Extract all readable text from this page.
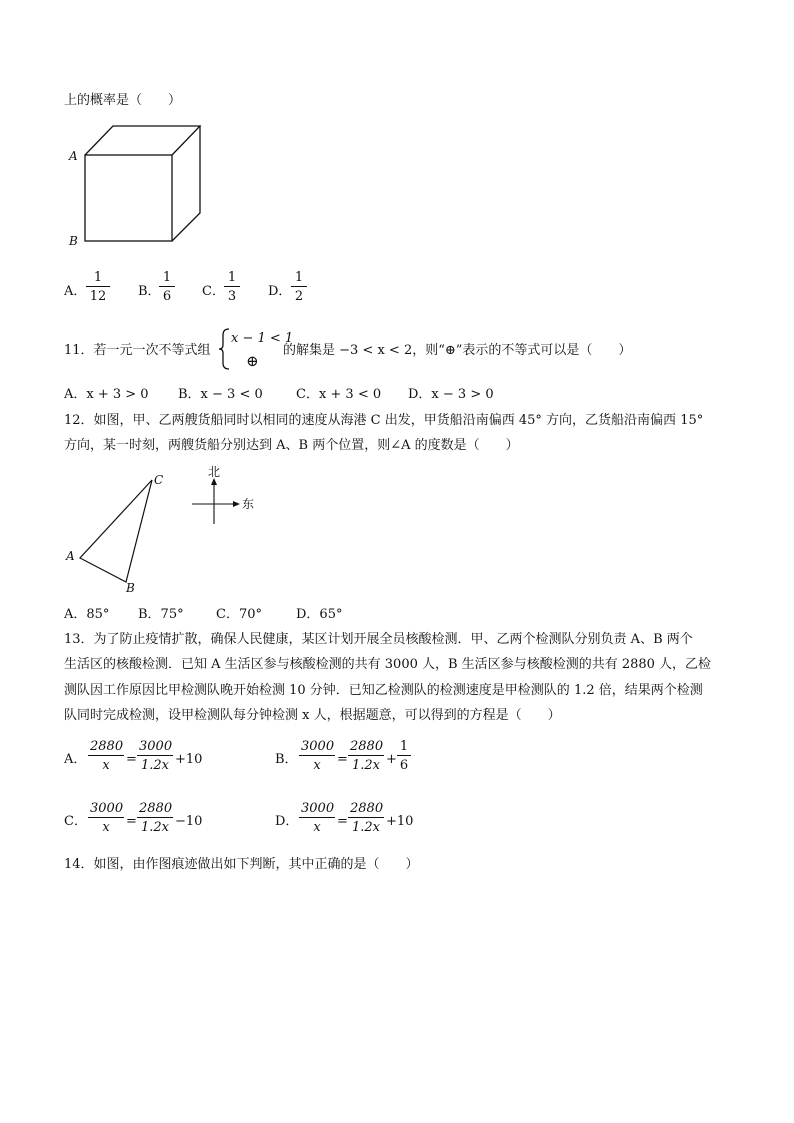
上的概率是（　　）
A
B
A． $\frac{1}{12}$ B．
$\frac{1}{6}$ C． $\frac{1}{3}$ D． $\frac{1}{2}$
11．若一元一次不等式组
x − 1 < 1
⊕
的解集是 −3 < x < 2，则“⊕”表示的不等式可以是（　　）
A．x + 3 > 0 B．x − 3 < 0	C．x + 3 < 0 D．x − 3 > 0
12．如图，甲、乙两艘货船同时以相同的速度从海港 C 出发，甲货船沿南偏西 45° 方向，乙货船沿南偏西 15°
方向，某一时刻，两艘货船分别达到 A、B 两个位置，则∠A 的度数是（　　）
C
A
B
北
东
A．85° B．75° C．70°	D．65°
13．为了防止疫情扩散，确保人民健康，某区计划开展全员核酸检测．甲、乙两个检测队分别负责 A、B 两个
生活区的核酸检测．已知 A 生活区参与核酸检测的共有 3000 人，B 生活区参与核酸检测的共有 2880 人，乙检
测队因工作原因比甲检测队晚开始检测 10 分钟．已知乙检测队的检测速度是甲检测队的 1.2 倍，结果两个检测
队同时完成检测，设甲检测队每分钟检测 x 人，根据题意，可以得到的方程是（　　）
A． $\frac{2880}{x} = \frac{3000}{1.2x} +10$	B． $\frac{3000}{x} = \frac{2880}{1.2x} + \frac{1}{6}$
C． $\frac{3000}{x} = \frac{2880}{1.2x} -10$	D． $\frac{3000}{x} = \frac{2880}{1.2x} +10$
14．如图，由作图痕迹做出如下判断，其中正确的是（　　）
